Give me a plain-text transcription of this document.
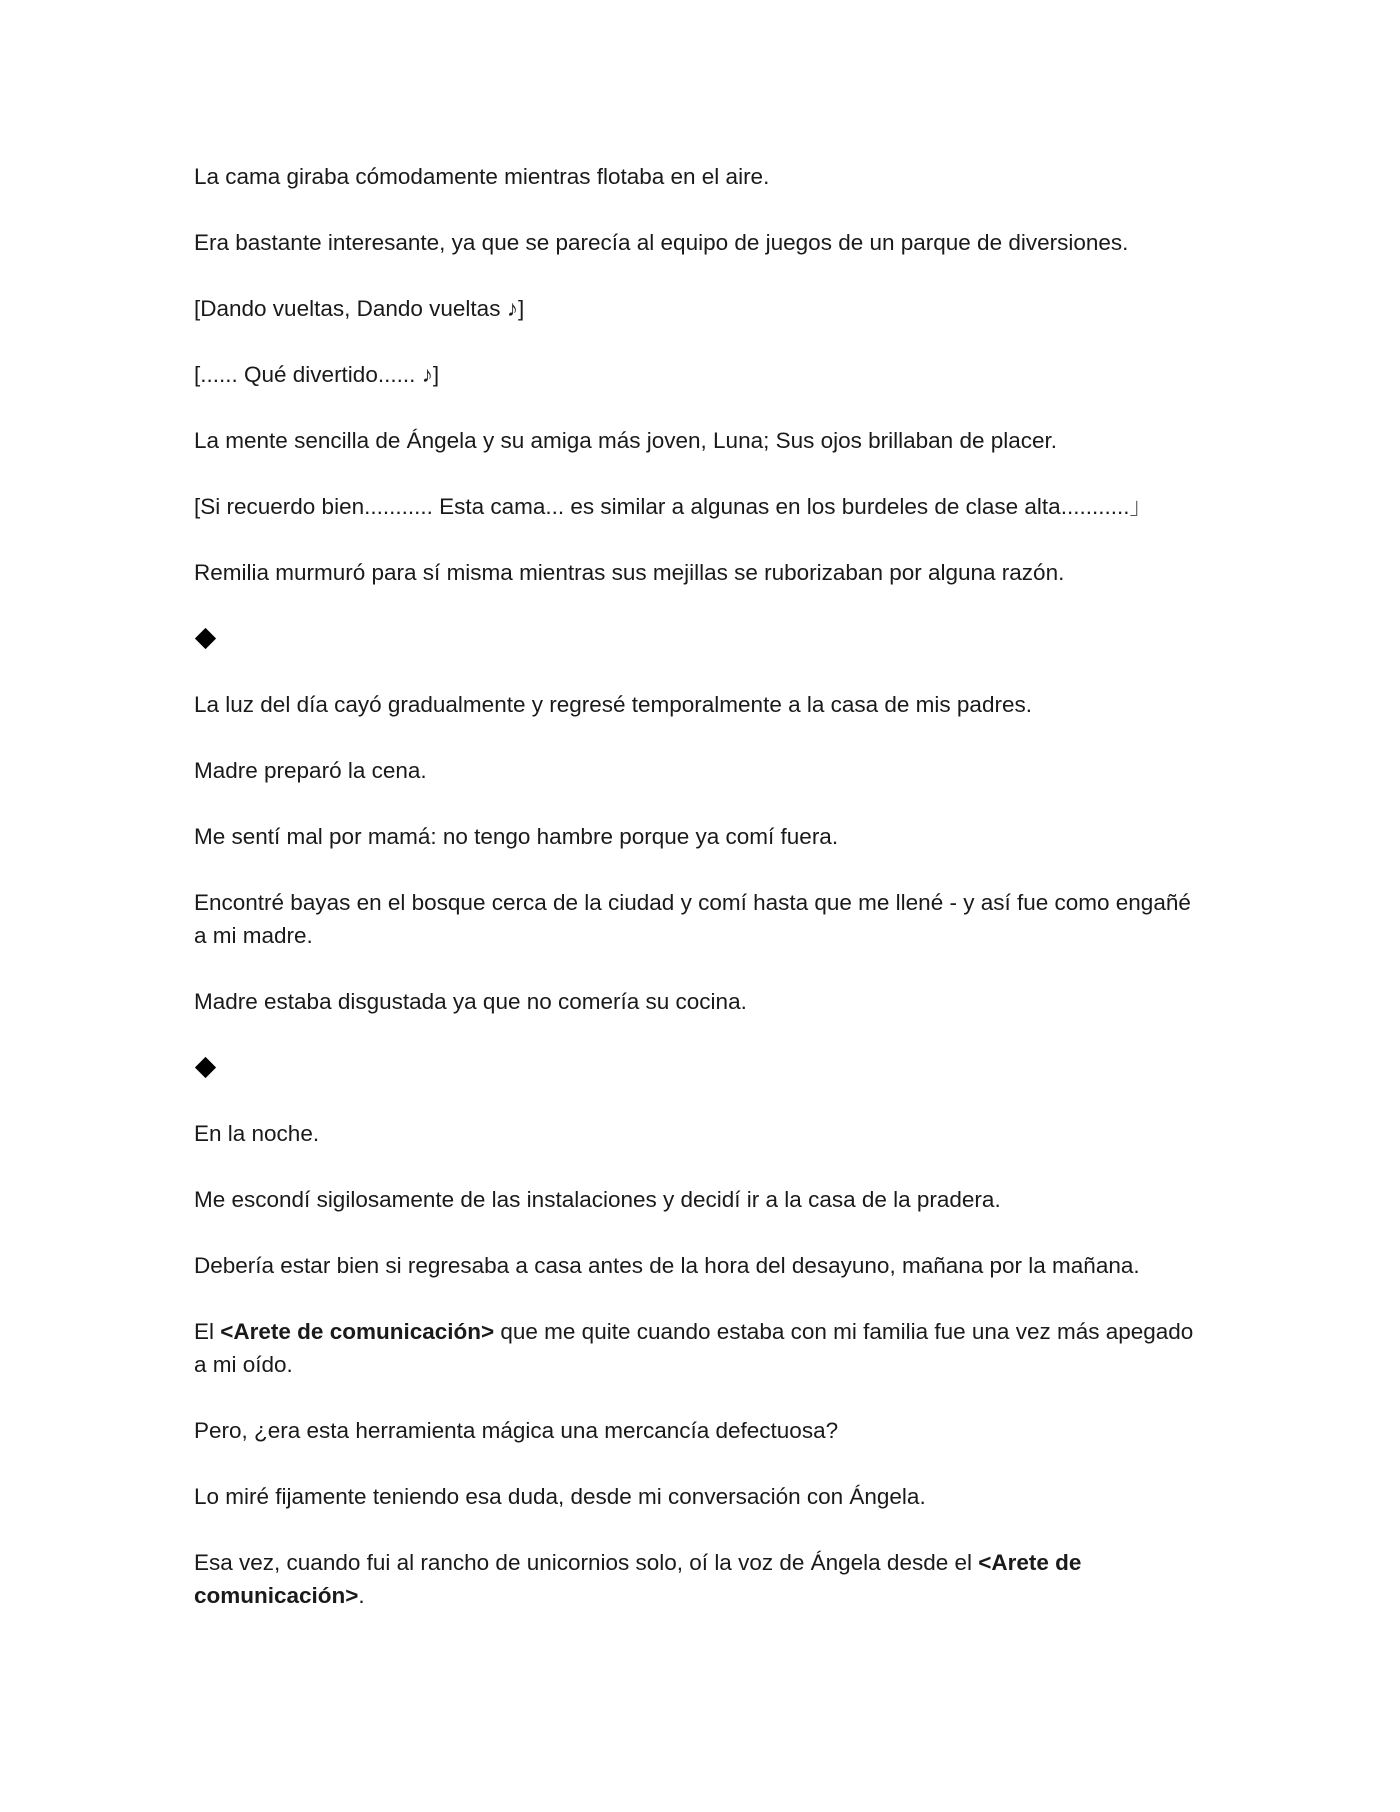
La cama giraba cómodamente mientras flotaba en el aire.

Era bastante interesante, ya que se parecía al equipo de juegos de un parque de diversiones.

[Dando vueltas, Dando vueltas ♪]

[...... Qué divertido...... ♪]

La mente sencilla de Ángela y su amiga más joven, Luna; Sus ojos brillaban de placer.

[Si recuerdo bien........... Esta cama... es similar a algunas en los burdeles de clase alta...........」

Remilia murmuró para sí misma mientras sus mejillas se ruborizaban por alguna razón.

La luz del día cayó gradualmente y regresé temporalmente a la casa de mis padres.

Madre preparó la cena.

Me sentí mal por mamá: no tengo hambre porque ya comí fuera.

Encontré bayas en el bosque cerca de la ciudad y comí hasta que me llené - y así fue como engañé a mi madre.

Madre estaba disgustada ya que no comería su cocina.

En la noche.

Me escondí sigilosamente de las instalaciones y decidí ir a la casa de la pradera.

Debería estar bien si regresaba a casa antes de la hora del desayuno, mañana por la mañana.

El <Arete de comunicación> que me quite cuando estaba con mi familia fue una vez más apegado a mi oído.

Pero, ¿era esta herramienta mágica una mercancía defectuosa?

Lo miré fijamente teniendo esa duda, desde mi conversación con Ángela.

Esa vez, cuando fui al rancho de unicornios solo, oí la voz de Ángela desde el <Arete de comunicación>.
